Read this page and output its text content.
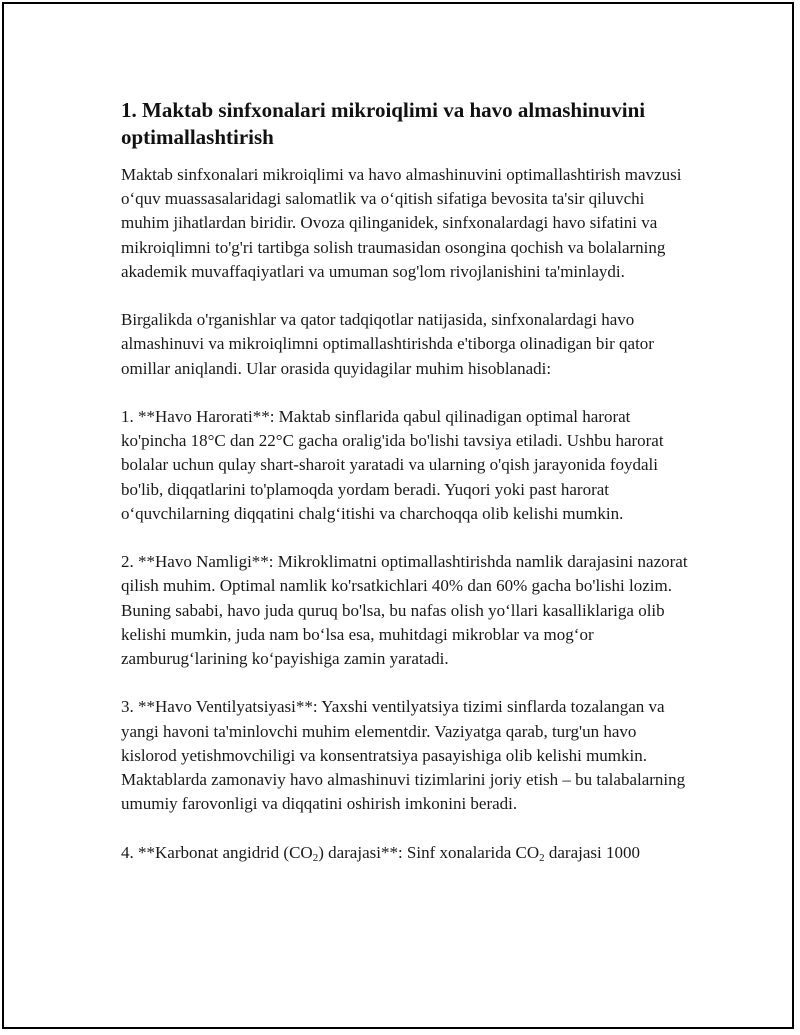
1. Maktab sinfxonalari mikroiqlimi va havo almashinuvini optimallashtirish

Maktab sinfxonalari mikroiqlimi va havo almashinuvini optimallashtirish mavzusi o‘quv muassasalaridagi salomatlik va o‘qitish sifatiga bevosita ta'sir qiluvchi muhim jihatlardan biridir. Ovoza qilinganidek, sinfxonalardagi havo sifatini va mikroiqlimni to'g'ri tartibga solish traumasidan osongina qochish va bolalarning akademik muvaffaqiyatlari va umuman sog'lom rivojlanishini ta'minlaydi.

Birgalikda o'rganishlar va qator tadqiqotlar natijasida, sinfxonalardagi havo almashinuvi va mikroiqlimni optimallashtirishda e'tiborga olinadigan bir qator omillar aniqlandi. Ular orasida quyidagilar muhim hisoblanadi:

1. **Havo Harorati**: Maktab sinflarida qabul qilinadigan optimal harorat ko'pincha 18°C dan 22°C gacha oralig'ida bo'lishi tavsiya etiladi. Ushbu harorat bolalar uchun qulay shart-sharoit yaratadi va ularning o'qish jarayonida foydali bo'lib, diqqatlarini to'plamoqda yordam beradi. Yuqori yoki past harorat o‘quvchilarning diqqatini chalg‘itishi va charchoqqa olib kelishi mumkin.

2. **Havo Namligi**: Mikroklimatni optimallashtirishda namlik darajasini nazorat qilish muhim. Optimal namlik ko'rsatkichlari 40% dan 60% gacha bo'lishi lozim. Buning sababi, havo juda quruq bo'lsa, bu nafas olish yo‘llari kasalliklariga olib kelishi mumkin, juda nam bo‘lsa esa, muhitdagi mikroblar va mog‘or zamburug‘larining ko‘payishiga zamin yaratadi.

3. **Havo Ventilyatsiyasi**: Yaxshi ventilyatsiya tizimi sinflarda tozalangan va yangi havoni ta'minlovchi muhim elementdir. Vaziyatga qarab, turg'un havo kislorod yetishmovchiligi va konsentratsiya pasayishiga olib kelishi mumkin. Maktablarda zamonaviy havo almashinuvi tizimlarini joriy etish – bu talabalarning umumiy farovonligi va diqqatini oshirish imkonini beradi.

4. **Karbonat angidrid $(CO_2)$ darajasi**: Sinf xonalarida $CO_2$ darajasi 1000
